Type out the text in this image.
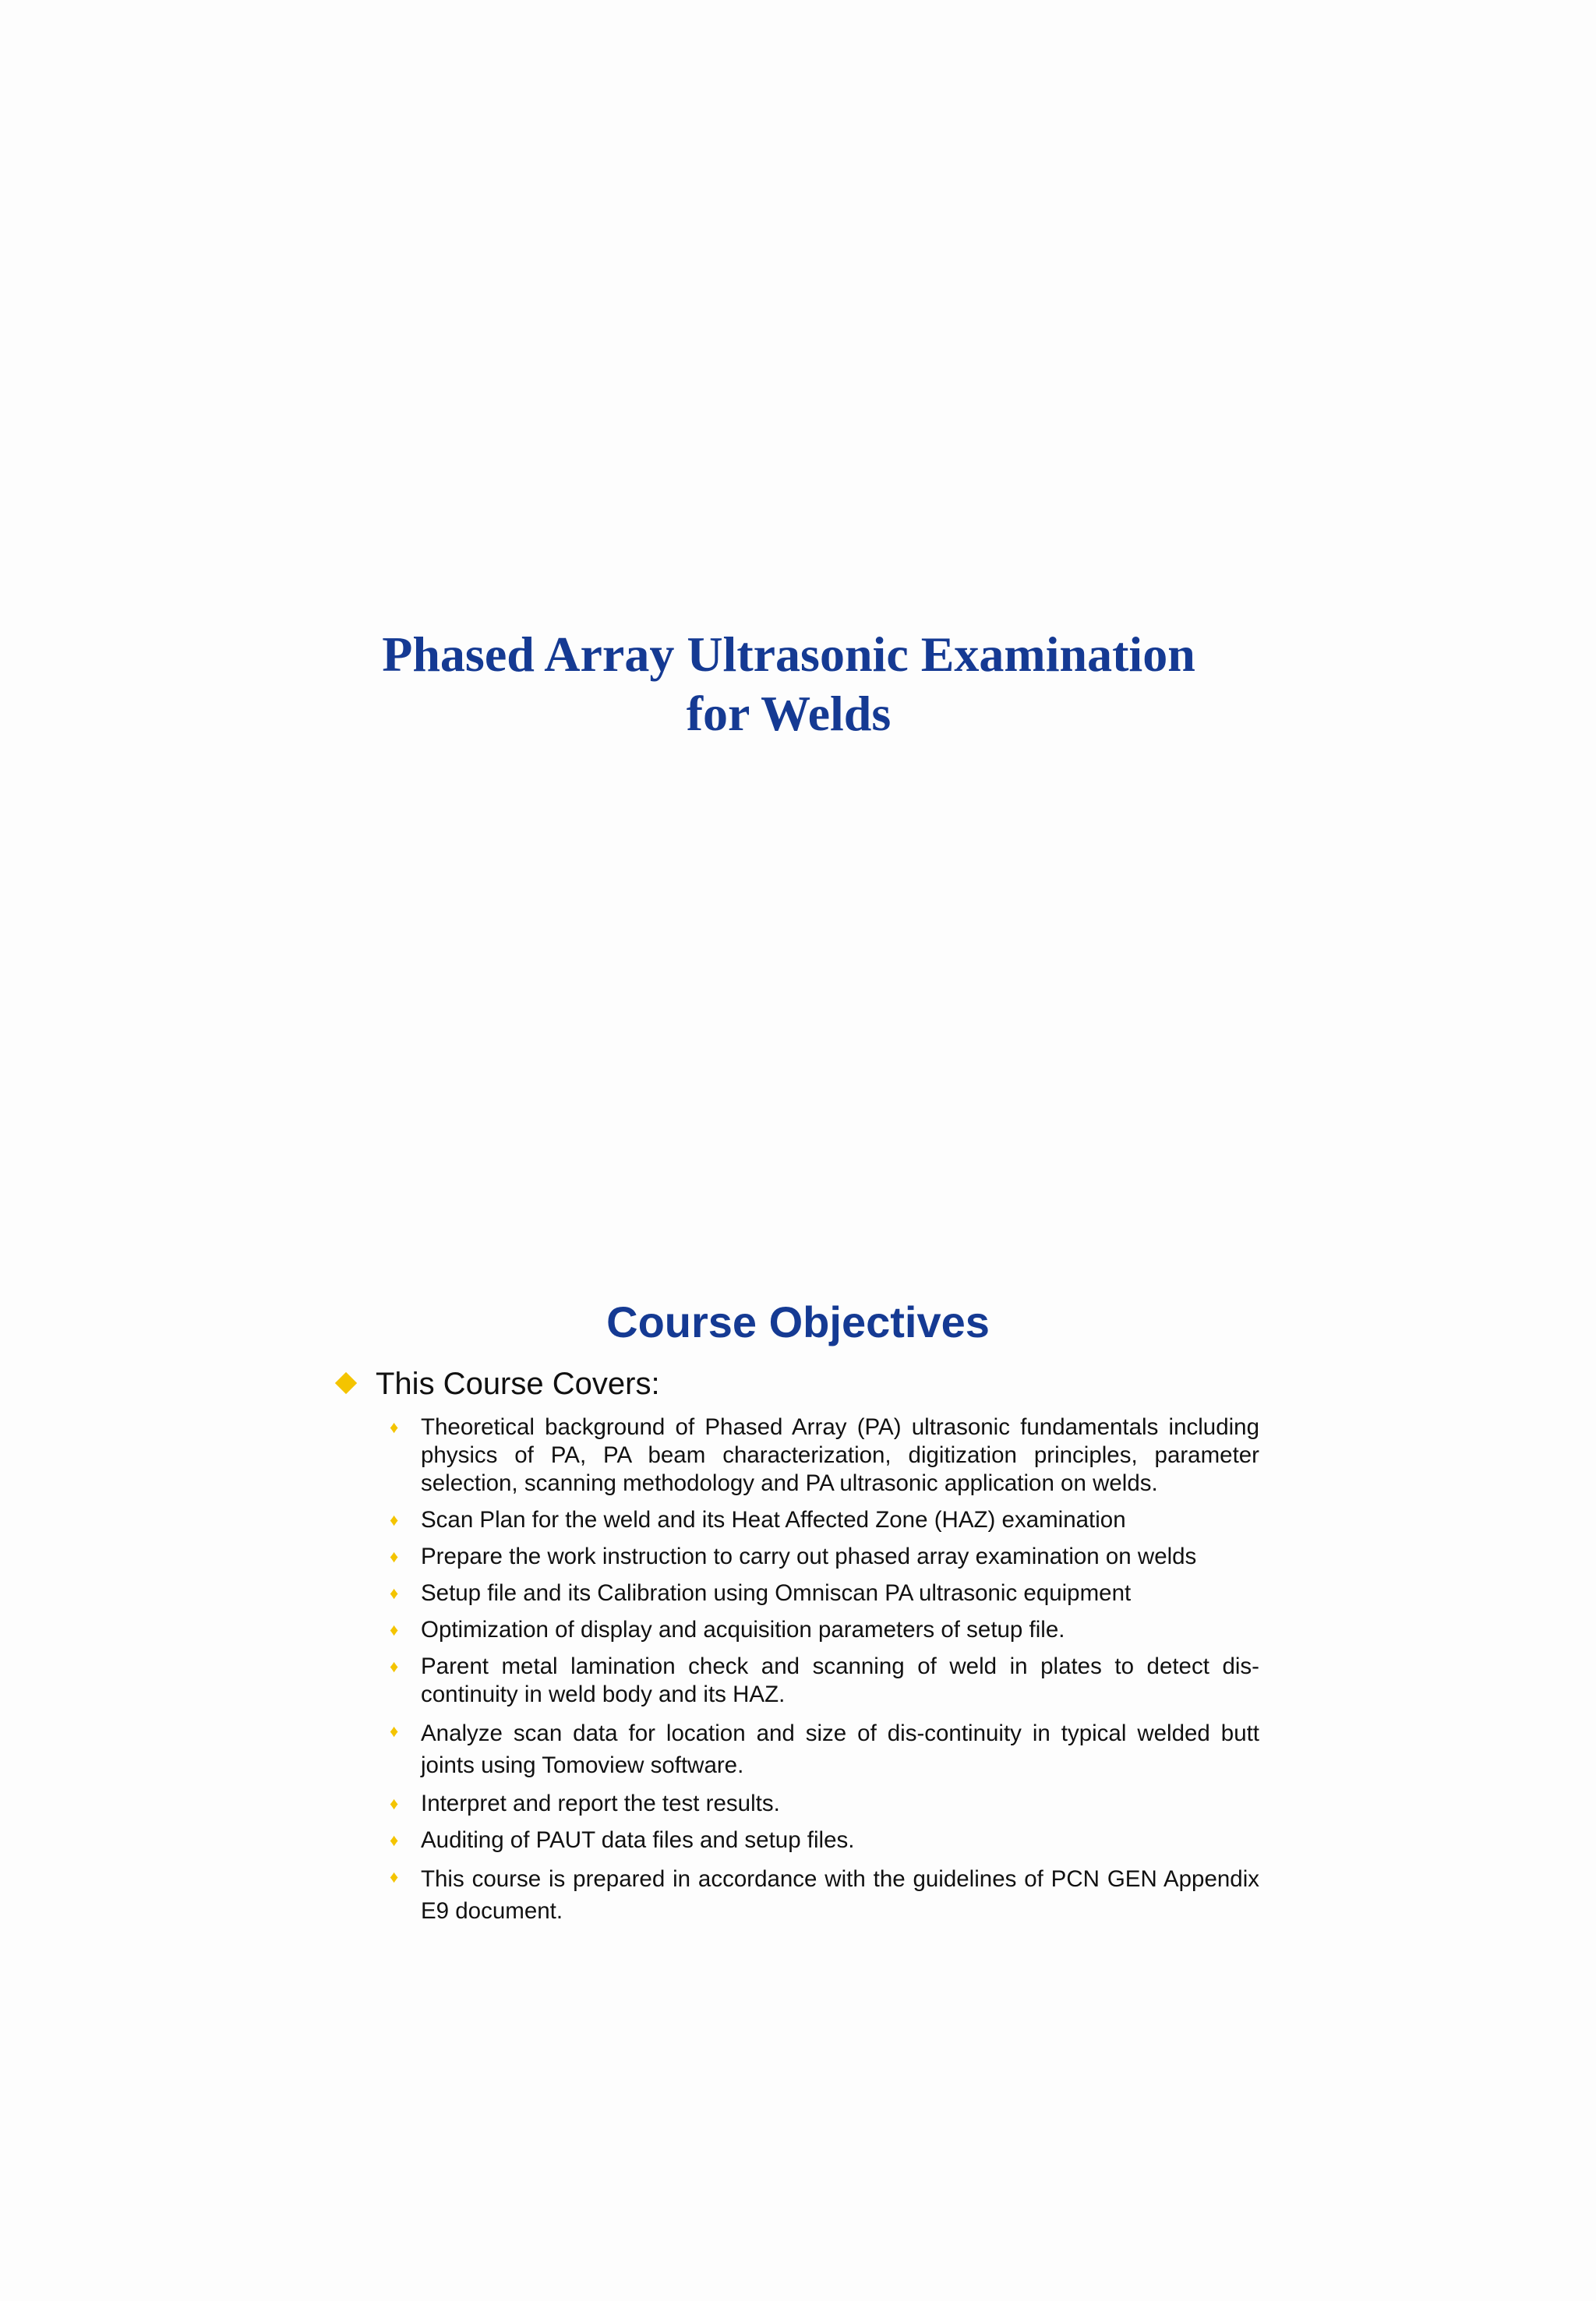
Phased Array Ultrasonic Examination
for Welds
Course Objectives
This Course Covers:
♦ Theoretical background of Phased Array (PA) ultrasonic fundamentals including physics of PA, PA beam characterization, digitization principles, parameter selection, scanning methodology and PA ultrasonic application on welds.
♦ Scan Plan for the weld and its Heat Affected Zone (HAZ) examination
♦ Prepare the work instruction to carry out phased array examination on welds
♦ Setup file and its Calibration using Omniscan PA ultrasonic equipment
♦ Optimization of display and acquisition parameters of setup file.
♦ Parent metal lamination check and scanning of weld in plates to detect dis-continuity in weld body and its HAZ.
♦ Analyze scan data for location and size of dis-continuity in typical welded butt joints using Tomoview software.
♦ Interpret and report the test results.
♦ Auditing of PAUT data files and setup files.
♦ This course is prepared in accordance with the guidelines of PCN GEN Appendix E9 document.
